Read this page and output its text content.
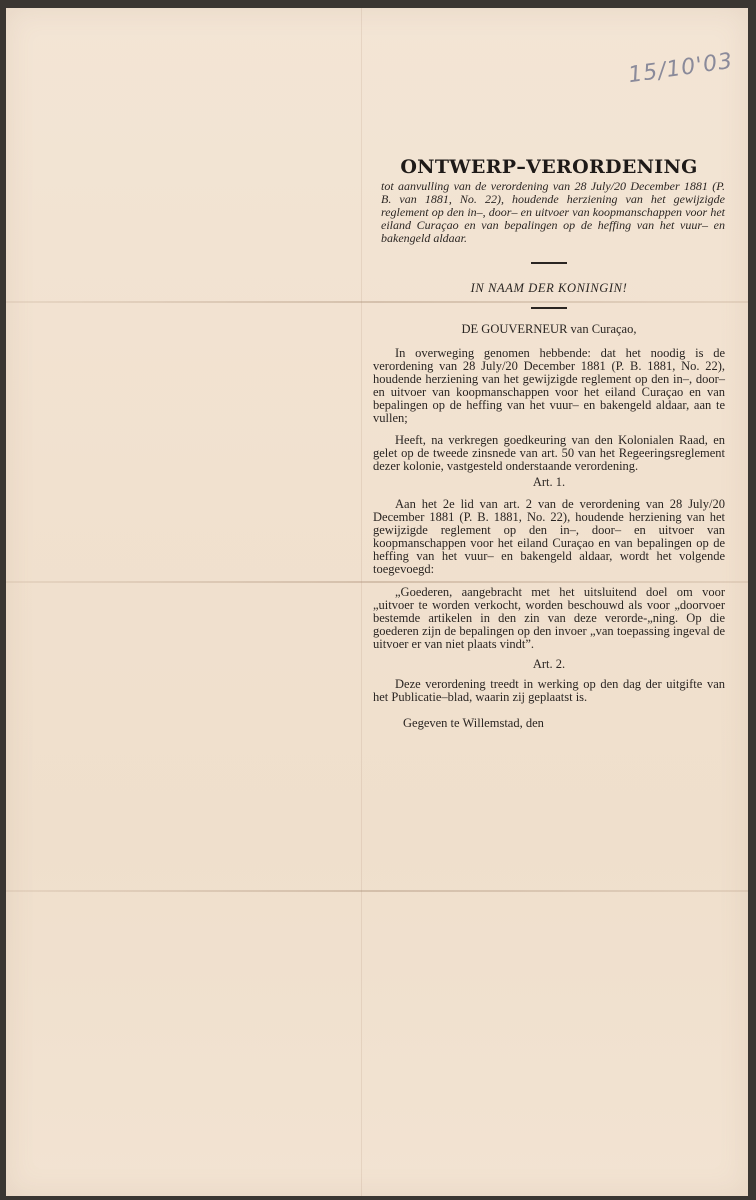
15/10'03
ONTWERP–VERORDENING
tot aanvulling van de verordening van 28 July/20 December 1881 (P. B. van 1881, No. 22), houdende herziening van het gewijzigde reglement op den in–, door– en uitvoer van koopmanschappen voor het eiland Curaçao en van bepalingen op de heffing van het vuur– en bakengeld aldaar.
IN NAAM DER KONINGIN!
DE GOUVERNEUR van Curaçao,

In overweging genomen hebbende: dat het noodig is de verordening van 28 July/20 December 1881 (P. B. 1881, No. 22), houdende herziening van het gewijzigde reglement op den in–, door– en uitvoer van koopmanschappen voor het eiland Curaçao en van bepalingen op de heffing van het vuur– en bakengeld aldaar, aan te vullen;

Heeft, na verkregen goedkeuring van den Kolonialen Raad, en gelet op de tweede zinsnede van art. 50 van het Regeeringsreglement dezer kolonie, vastgesteld onderstaande verordening.

Art. 1.

Aan het 2e lid van art. 2 van de verordening van 28 July/20 December 1881 (P. B. 1881, No. 22), houdende herziening van het gewijzigde reglement op den in–, door– en uitvoer van koopmanschappen voor het eiland Curaçao en van bepalingen op de heffing van het vuur– en bakengeld aldaar, wordt het volgende toegevoegd:

„Goederen, aangebracht met het uitsluitend doel om voor „uitvoer te worden verkocht, worden beschouwd als voor „doorvoer bestemde artikelen in den zin van deze verorde-„ning. Op die goederen zijn de bepalingen op den invoer „van toepassing ingeval de uitvoer er van niet plaats vindt”.

Art. 2.

Deze verordening treedt in werking op den dag der uitgifte van het Publicatie–blad, waarin zij geplaatst is.

Gegeven te Willemstad, den
